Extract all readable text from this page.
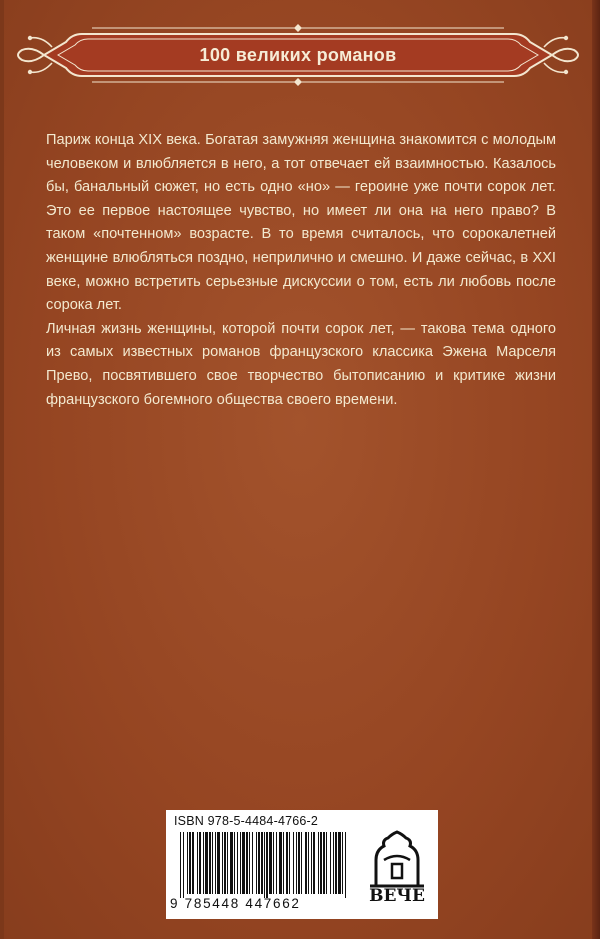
100 великих романов

Париж конца XIX века. Богатая замужняя женщина знакомится с молодым человеком и влюбляется в него, а тот отвечает ей взаимностью. Казалось бы, банальный сюжет, но есть одно «но» — героине уже почти сорок лет. Это ее первое настоящее чувство, но имеет ли она на него право? В таком «почтенном» возрасте. В то время считалось, что сорокалетней женщине влюбляться поздно, неприлично и смешно. И даже сейчас, в XXI веке, можно встретить серьезные дискуссии о том, есть ли любовь после сорока лет.

Личная жизнь женщины, которой почти сорок лет, — такова тема одного из самых известных романов французского классика Эжена Марселя Прево, посвятившего свое творчество бытописанию и критике жизни французского богемного общества своего времени.

ISBN 978-5-4484-4766-2
9 785448 447662	ВЕЧЕ
